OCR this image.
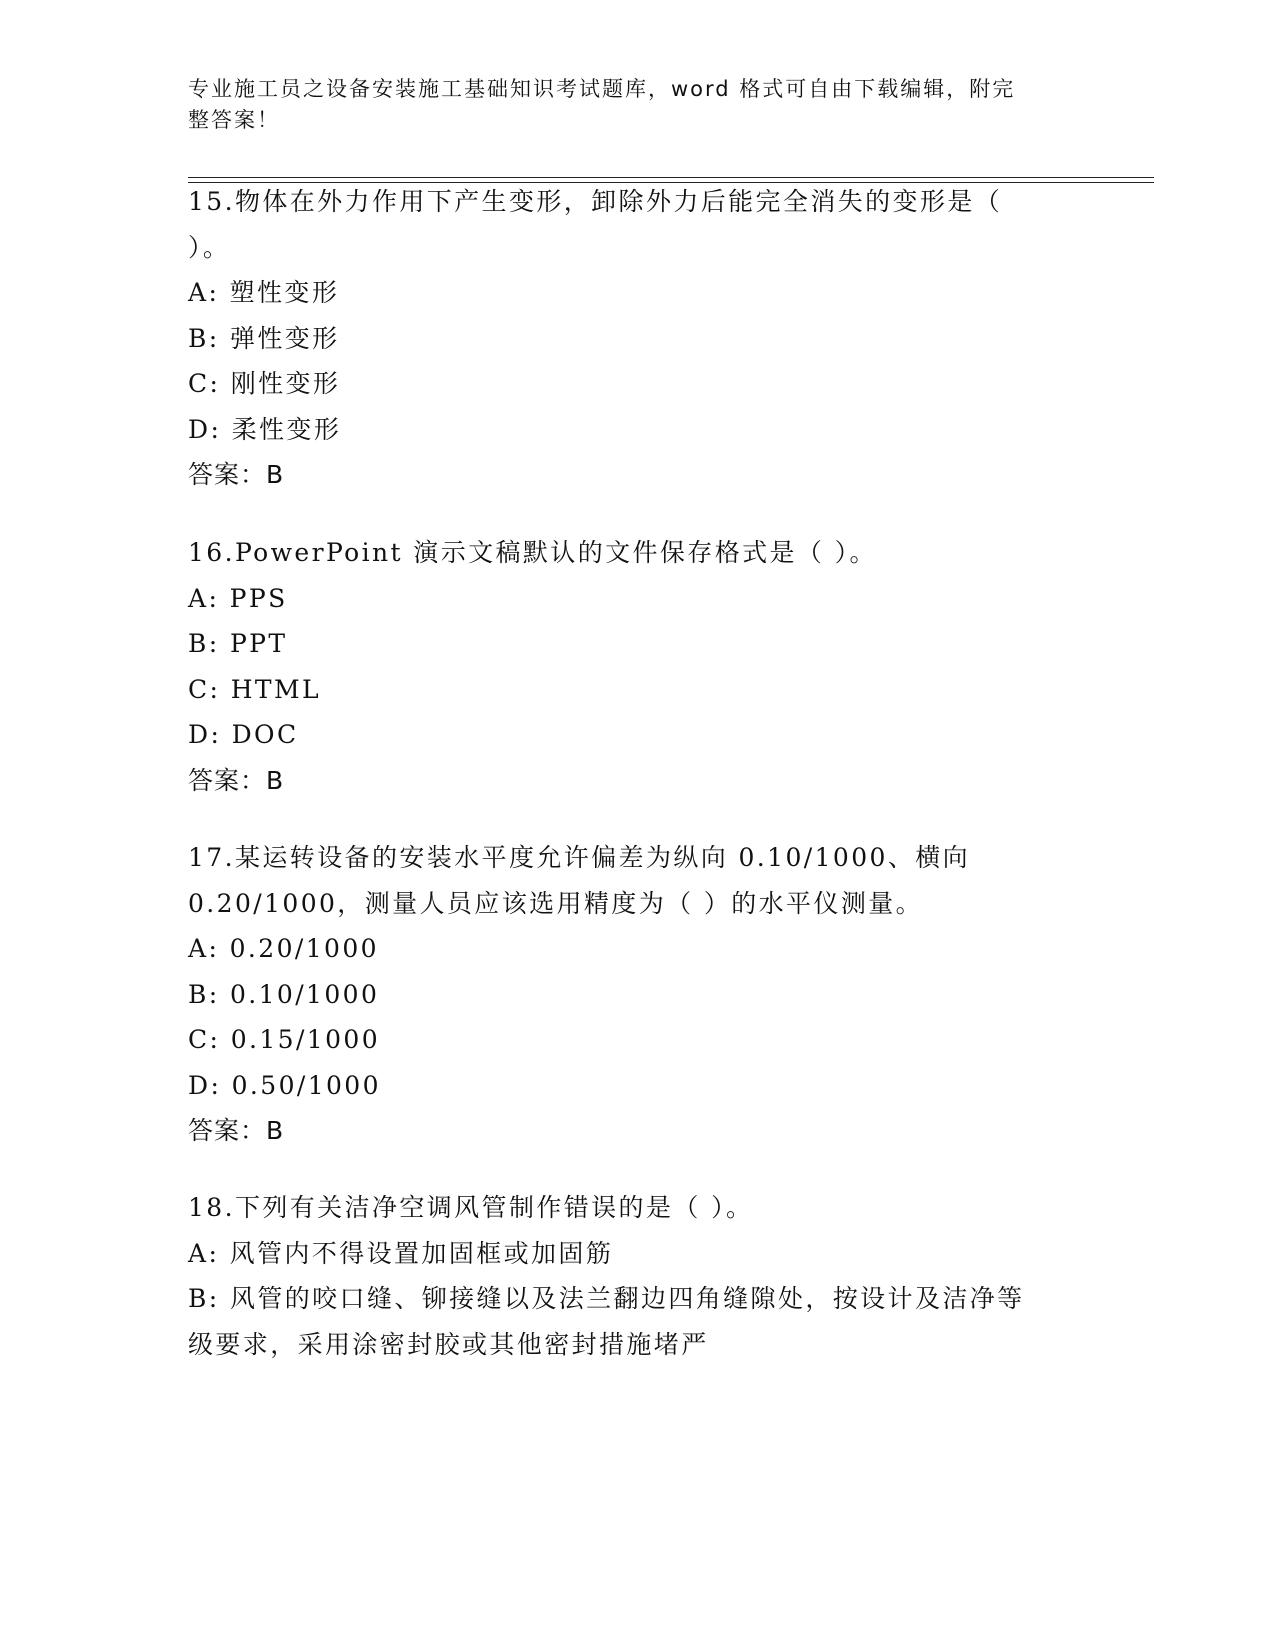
专业施工员之设备安装施工基础知识考试题库，word 格式可自由下载编辑，附完
整答案！
15.物体在外力作用下产生变形，卸除外力后能完全消失的变形是（
）。
A: 塑性变形
B: 弹性变形
C: 刚性变形
D: 柔性变形
答案：B
16.PowerPoint 演示文稿默认的文件保存格式是（ ）。
A: PPS
B: PPT
C: HTML
D: DOC
答案：B
17.某运转设备的安装水平度允许偏差为纵向 0.10/1000、横向
0.20/1000，测量人员应该选用精度为（ ）的水平仪测量。
A: 0.20/1000
B: 0.10/1000
C: 0.15/1000
D: 0.50/1000
答案：B
18.下列有关洁净空调风管制作错误的是（ ）。
A: 风管内不得设置加固框或加固筋
B: 风管的咬口缝、铆接缝以及法兰翻边四角缝隙处，按设计及洁净等
级要求，采用涂密封胶或其他密封措施堵严
